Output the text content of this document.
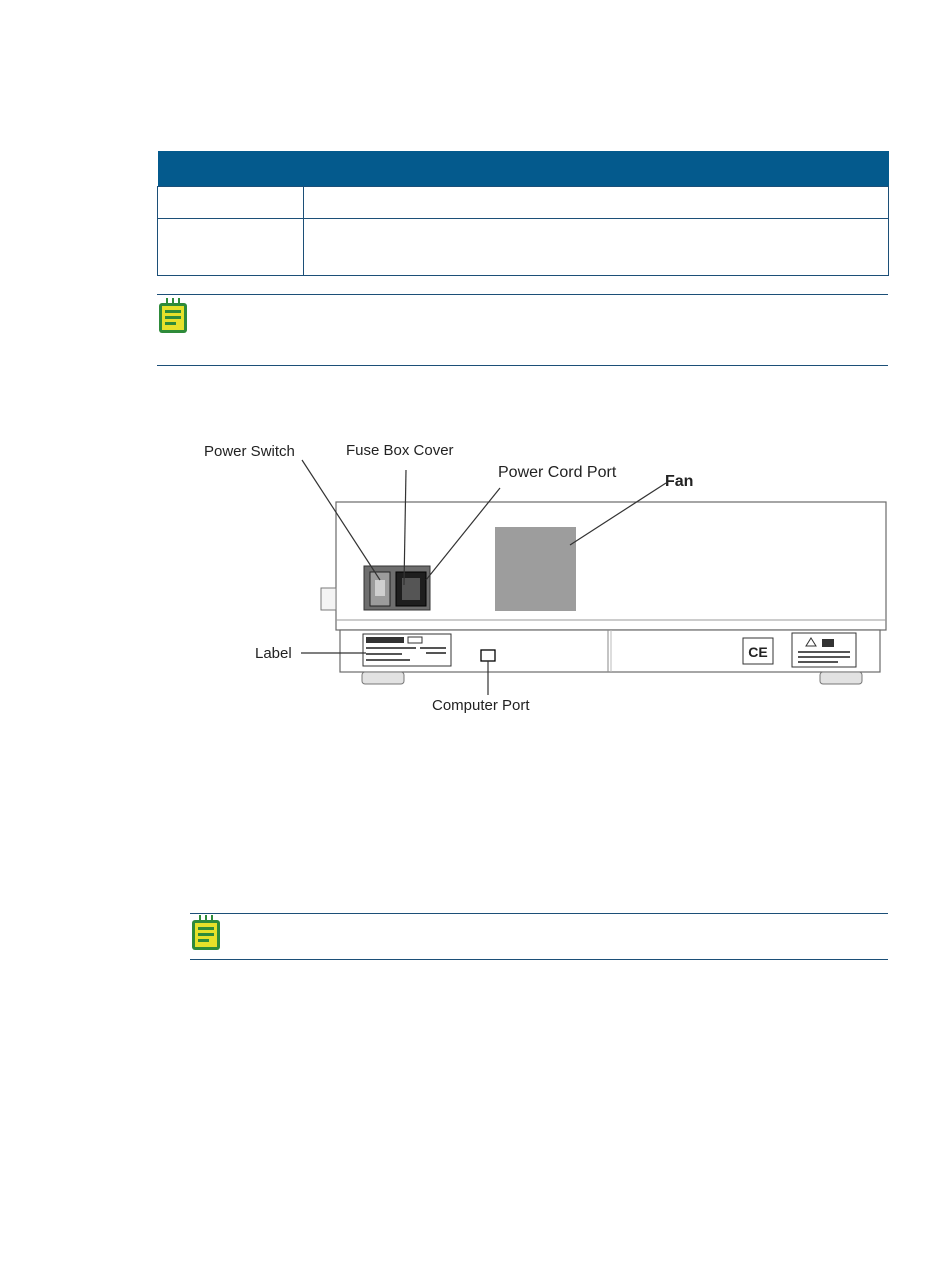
CE
Power Switch	Fuse Box Cover
Power Cord Port
Fan
Label
Computer Port
